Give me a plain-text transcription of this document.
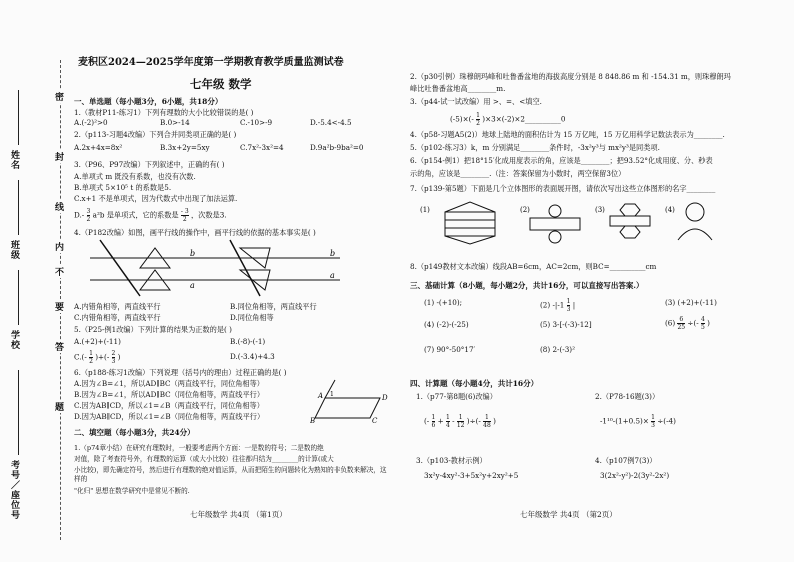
姓名
班级
学校
考号／座位号
密
封
线
内
不
要
答
题
麦积区2024—2025学年度第一学期教育教学质量监测试卷
七年级 数学
一、单选题（每小题3分，6小题，共18分）
1.（教材P11-练习1）下列有理数的大小比较错误的是( )
A.(-2)²>0	B.0>-14	C.-10>-9	D.-5.4<-4.5
2.（p113-习题4改编）下列合并同类项正确的是( )
A.2x+4x=8x²	B.3x+2y=5xy	C.7x²-3x²=4	D.9a²b-9ba²=0
3.（P96、P97改编）下列叙述中，正确的有( )
A.单项式 m 既没有系数，也没有次数.
B.单项式 5×10⁵ t 的系数是5.
C.x+1 不是单项式，因为代数式中出现了加法运算.
$D.- \frac{3}{2} a^2b$ 是单项式，它的系数是 $\frac{- 3}{2}$ ，次数是3.
4.（P182改编）如图，画平行线的操作中，画平行线的依据的基本事实是( )
b
a
b
a
A.内错角相等，两直线平行	B.同位角相等，两直线平行
C.内错角相等，两直线平行	D.同位角相等
5.（P25-例1改编）下列计算的结果为正数的是( )
A.(+2)+(-11)	B.(-8)-(-1)
$C.(- \frac{1}{2}$ )+(- $\frac{2}{3}$ )	D.(-3.4)+4.3
6.（p188-练习1改编）下列说理（括号内的理由）过程正确的是( )
A.因为∠B=∠1，所以AD∥BC（两直线平行，同位角相等）
B.因为∠B=∠1，所以AD∥BC（同位角相等，两直线平行）
C.因为AB∥CD，所以∠1=∠B（两直线平行，同位角相等）
D.因为AB∥CD，所以∠1=∠B（同位角相等，两直线平行）
A	D
B	C
1
二、填空题（每小题3分，共24分）
1.（p74章小结）在研究有理数时，一般要考虑两个方面：一是数的符号；二是数的绝
对值，除了考查符号外，有理数的运算（或大小比较）往往都归结为________的计算(或大
小比较)，即先确定符号，然后进行有理数的绝对值运算，从而把陌生的问题转化为熟知的非负数来解决，这样的
"化归" 思想在数学研究中是常见不断的.
七年级数学 共4页 （第1页）
2.（p30引例）珠穆朗玛峰和吐鲁番盆地的海拔高度分别是 8 848.86 m 和 -154.31 m，则珠穆朗玛
峰比吐鲁番盆地高________m.
3.（p44-试一试改编）用 >、=、<填空.
$(-5)\times(- \frac{1}{2}$ )×3×(-2)×2__________0
4.（p58-习题A5(2)）地球上陆地的面积估计为 15 万亿吨，15 万亿用科学记数法表示为________.
5.（p102-练习3）k，m 分别满足________条件时，-3x²y³与 mx²y³是同类项.
6.（p154-例1）把18°15′化成用度表示的角，应该是________；把93.52°化成用度、分、秒表
示的角，应该是________.（注：答案保留为小数时，两空保留3位）
7.（p139-第5题）下面是几个立体图形的表面展开图，请依次写出这些立体图形的名字________
(1)	(2)	(3)	(4)
8.（p149教材文本改编）线段AB=6cm，AC=2cm，则BC=__________cm
三、基础计算（8小题，每小题2分，共计16分，可以直接写出答案.）
(1) -(+10);	(2) $-|-1 \frac{1}{3}$ |	(3) (+2)+(-11)
(4) (-2)-(-25)	(5) 3-[-(-3)-12]	$(6) \frac{6}{25}$ ÷(- $\frac{4}{5}$ )
(7) 90°-50°17′	(8) 2-(-3)²
四、计算题（每小题4分，共计16分）
1.（p77-第8题(6)改编）	2.（P78-16题(3)）
(- $\frac{1}{6} + \frac{1}{4} - \frac{1}{12}$ )÷(- $\frac{1}{48}$ )	$-1^{10}-(1+0.5)\times \frac{1}{3} \div(-4)$
3.（p103-教材示例）	4.（p107例7(3)）
3x²y-4xy²-3+5x²y+2xy²+5	3(2x²-y²)-2(3y²-2x²)
七年级数学 共4页 （第2页）
